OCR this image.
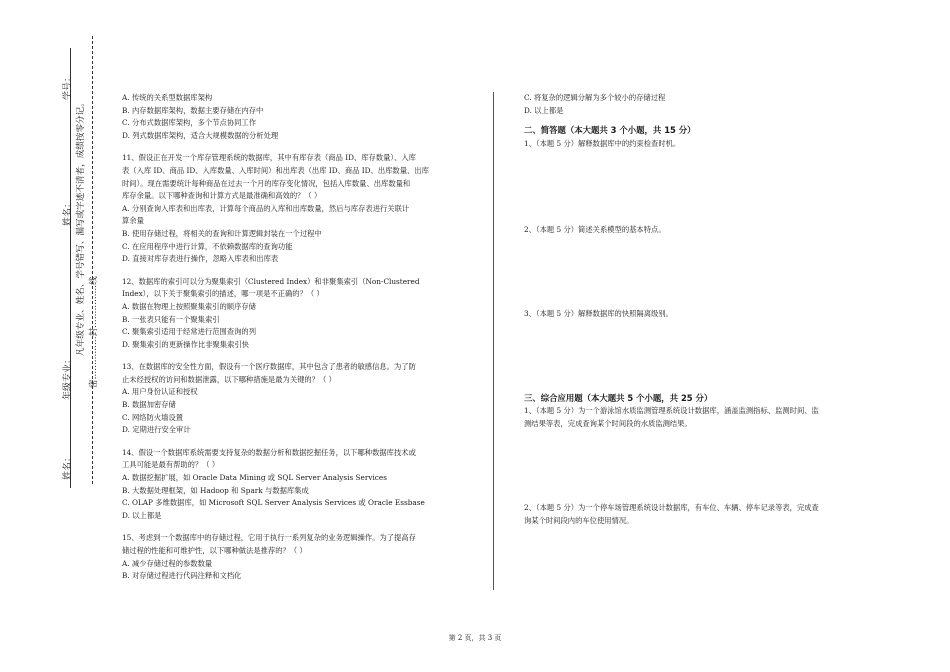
学号：
姓名：
年级专业：
姓名：
凡年级专业、姓名、学号错写、漏写或字迹不清者，成绩按零分记。 密……………封……………线

A. 传统的关系型数据库架构

B. 内存数据库架构，数据主要存储在内存中

C. 分布式数据库架构，多个节点协同工作

D. 列式数据库架构，适合大规模数据的分析处理

11、假设正在开发一个库存管理系统的数据库，其中有库存表（商品 ID、库存数量）、入库

表（入库 ID、商品 ID、入库数量、入库时间）和出库表（出库 ID、商品 ID、出库数量、出库

时间）。现在需要统计每种商品在过去一个月的库存变化情况，包括入库数量、出库数量和

库存余量。以下哪种查询和计算方式是最准确和高效的？（ ）

A. 分别查询入库表和出库表，计算每个商品的入库和出库数量，然后与库存表进行关联计

算余量

B. 使用存储过程，将相关的查询和计算逻辑封装在一个过程中

C. 在应用程序中进行计算，不依赖数据库的查询功能

D. 直接对库存表进行操作，忽略入库表和出库表

12、数据库的索引可以分为聚集索引（Clustered Index）和非聚集索引（Non-Clustered

Index），以下关于聚集索引的描述，哪一项是不正确的？（ ）

A. 数据在物理上按照聚集索引的顺序存储

B. 一张表只能有一个聚集索引

C. 聚集索引适用于经常进行范围查询的列

D. 聚集索引的更新操作比非聚集索引快

13、在数据库的安全性方面，假设有一个医疗数据库，其中包含了患者的敏感信息。为了防

止未经授权的访问和数据泄露，以下哪种措施是最为关键的？（ ）

A. 用户身份认证和授权

B. 数据加密存储

C. 网络防火墙设置

D. 定期进行安全审计

14、假设一个数据库系统需要支持复杂的数据分析和数据挖掘任务，以下哪种数据库技术或

工具可能是最有帮助的？（ ）

A. 数据挖掘扩展，如 Oracle Data Mining 或 SQL Server Analysis Services

B. 大数据处理框架，如 Hadoop 和 Spark 与数据库集成

C. OLAP 多维数据库，如 Microsoft SQL Server Analysis Services 或 Oracle Essbase

D. 以上都是

15、考虑到一个数据库中的存储过程，它用于执行一系列复杂的业务逻辑操作。为了提高存

储过程的性能和可维护性，以下哪种做法是推荐的？（ ）

A. 减少存储过程的参数数量

B. 对存储过程进行代码注释和文档化

C. 将复杂的逻辑分解为多个较小的存储过程

D. 以上都是

二、简答题（本大题共 3 个小题，共 15 分）

1、（本题 5 分）解释数据库中的约束检查时机。

2、（本题 5 分）简述关系模型的基本特点。

3、（本题 5 分）解释数据库的快照隔离级别。

三、综合应用题（本大题共 5 个小题，共 25 分）

1、（本题 5 分）为一个游泳馆水质监测管理系统设计数据库，涵盖监测指标、监测时间、监

测结果等表，完成查询某个时间段的水质监测结果。

2、（本题 5 分）为一个停车场管理系统设计数据库，有车位、车辆、停车记录等表，完成查

询某个时间段内的车位使用情况。

第 2 页，共 3 页
